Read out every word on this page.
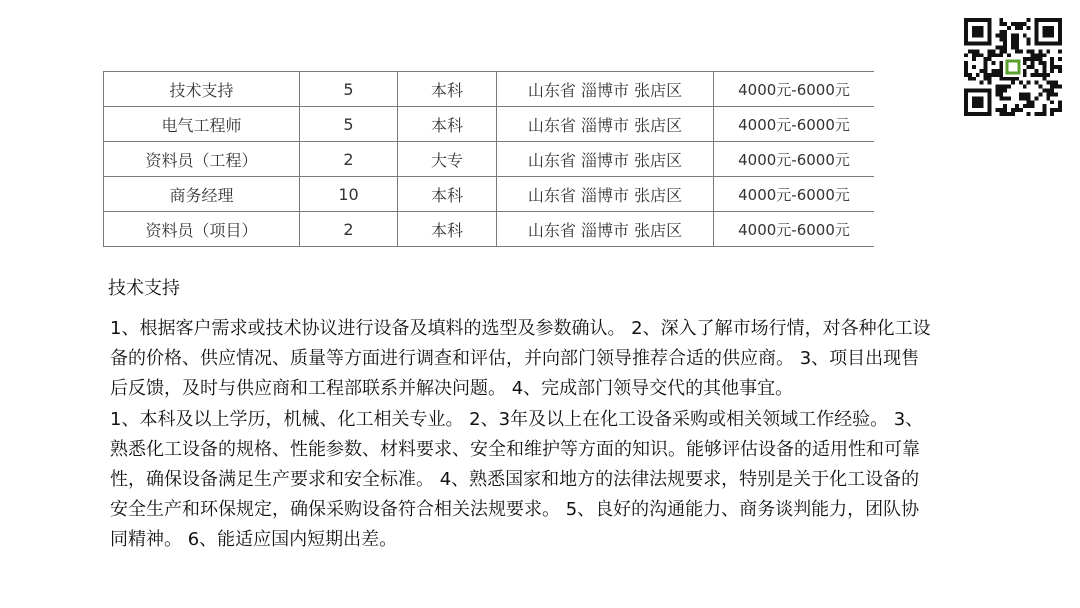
技术支持	5	本科	山东省 淄博市 张店区	4000元-6000元
电气工程师	5	本科	山东省 淄博市 张店区	4000元-6000元
资料员（工程）	2	大专	山东省 淄博市 张店区	4000元-6000元
商务经理	10	本科	山东省 淄博市 张店区	4000元-6000元
资料员（项目）	2	本科	山东省 淄博市 张店区	4000元-6000元
技术支持
1、根据客户需求或技术协议进行设备及填料的选型及参数确认。 2、深入了解市场行情，对各种化工设
备的价格、供应情况、质量等方面进行调查和评估，并向部门领导推荐合适的供应商。 3、项目出现售
后反馈，及时与供应商和工程部联系并解决问题。 4、完成部门领导交代的其他事宜。
1、本科及以上学历，机械、化工相关专业。 2、3年及以上在化工设备采购或相关领域工作经验。 3、
熟悉化工设备的规格、性能参数、材料要求、安全和维护等方面的知识。能够评估设备的适用性和可靠
性，确保设备满足生产要求和安全标准。 4、熟悉国家和地方的法律法规要求，特别是关于化工设备的
安全生产和环保规定，确保采购设备符合相关法规要求。 5、良好的沟通能力、商务谈判能力，团队协
同精神。 6、能适应国内短期出差。
